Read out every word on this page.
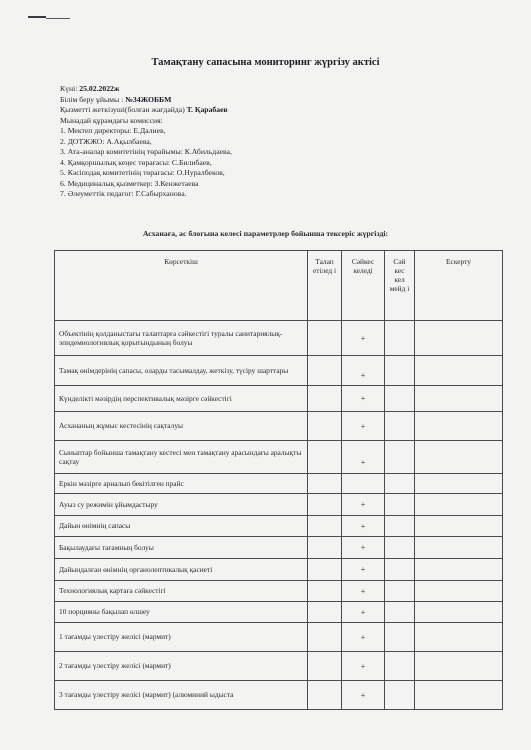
Тамақтану сапасына мониторинг жүргізу актісі
Күні: 25.02.2022ж
Білім беру ұйымы : №34ЖОББМ
Қызметті жеткізуші(болған жағдайда) Т. Қарабаев
Мынадай құрамдағы комиссия:
1. Мектеп директоры: Е.Далиев,
2. ДОТЖЖО: А.Ақылбаева,
3. Ата-аналар комитетінің төрайымы: К.Абильдаева,
4. Қамқоршылық кеңес төрағасы: С.Билибаев,
5. Кәсіподақ комитетінің төрағасы: О.Нуралбеков,
6. Медициналық қызметкер: З.Кенжетаева
7. Әлеуметтік педагог: Г.Сабырханова.
Асханаға, ас блогына келесі параметрлер бойынша тексеріс жүргізді:
Көрсеткіш	Талап етілед і	Сәйкес келеді	Сәй кес кел мейд і	Ескерту
Объектінің қолданыстағы талаптарға сәйкестігі туралы санитариялық-эпидемиологиялық қорытындының болуы		+		
Тамақ өнімдерінің сапасы, оларды тасымалдау, жеткізу, түсіру шарттары		+		
Күнделікті мәзірдің перспективалық мәзірге сәйкестігі		+		
Асхананың жұмыс кестесінің сақталуы		+		
Сыныптар бойынша тамақтану кестесі мен тамақтану арасындағы аралықты сақтау		+		
Еркін мәзірге арналып бекітілген прайс				
Ауыз су режимін ұйымдастыру		+		
Дайын өнімнің сапасы		+		
Бақылаудағы тағамның болуы		+		
Дайындалған өнімнің органолептикалық қасиеті		+		
Технологиялық картаға сәйкестігі		+		
10 порцияны бақылап өлшеу		+		
1 тағамды үлестіру желісі (мармит)		+		
2 тағамды үлестіру желісі (мармит)		+		
3 тағамды үлестіру желісі (мармит) (алюминий ыдыста		+		
